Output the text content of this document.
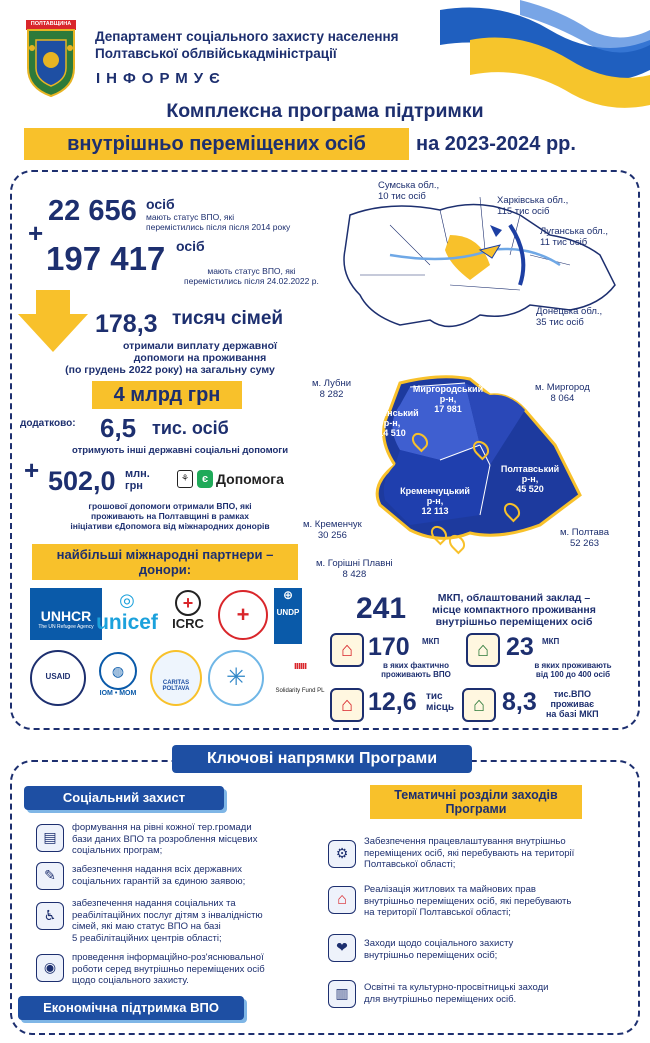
ПОЛТАВЩИНА
Департамент соціального захисту населення
Полтавської облвійськадміністрації
ІНФОРМУЄ
Комплексна програма підтримки
внутрішньо переміщених осіб	на 2023-2024 рр.
+
22 656 осіб
мають статус ВПО, які
перемістились після після 2014 року
197 417 осіб
мають статус ВПО, які
перемістились після 24.02.2022 р.
178,3 тисяч сімей
отримали виплату державної
допомоги на проживання
(по грудень 2022 року) на загальну суму
4 млрд грн
додатково: 6,5 тис. осіб
отримують інші державні соціальні допомоги
+ 502,0 млн.
грн
⚘	є Допомога
грошової допомоги отримали ВПО, які
проживають на Полтавщині в рамках
ініціативи єДопомога від міжнародних донорів
найбільші міжнародні партнери –
донори:
UNHCR
The UN Refugee Agency
◎
unicef
+
ICRC	+
⊕
UNDP
USAID	◍
IOM • MOM
CARITAS POLTAVA	✳	ıııııı
Solidarity Fund PL
Сумська обл.,
10 тис осіб	Харківська обл.,
115 тис осіб
Луганська обл.,
11 тис осіб
Донецька обл.,
35 тис осіб
Миргородський
р-н,
17 981
Лубенський
р-н,
14 510
Полтавський
р-н,
45 520
Кременчуцький
р-н,
12 113
м. Лубни
8 282
м. Миргород
8 064
м. Кременчук
30 256	м. Полтава
52 263
м. Горішні Плавні
8 428
241	МКП, облаштований заклад –
місце компактного проживання
внутрішньо переміщених осіб
⌂ 170 МКП
в яких фактично
проживають ВПО
⌂ 23 МКП
в яких проживають
від 100 до 400 осіб
⌂ 12,6 тис
місць ⌂ 8,3	тис.ВПО
проживає
на базі МКП
Ключові напрямки Програми
Соціальний захист
▤
формування на рівні кожної тер.громади
бази даних ВПО та розроблення місцевих
соціальних програм;
✎	забезпечення надання всіх державних
соціальних гарантій за єдиною заявою;
♿
забезпечення надання соціальних та
реабілітаційних послуг дітям з інвалідністю
сімей, які маю статус ВПО на базі
5 реабілітаційних центрів області;
◉
проведення інформаційно-роз'яснювальної
роботи серед внутрішньо переміщених осіб
щодо соціального захисту.
Економічна підтримка ВПО
Тематичні розділи заходів
Програми
⚙
Забезпечення працевлаштування внутрішньо
переміщених осіб, які перебувають на території
Полтавської області;
⌂
Реалізація житлових та майнових прав
внутрішньо переміщених осіб, які перебувають
на території Полтавської області;
❤	Заходи щодо соціального захисту
внутрішньо переміщених осіб;
▥	Освітні та культурно-просвітницькі заходи
для внутрішньо переміщених осіб.
